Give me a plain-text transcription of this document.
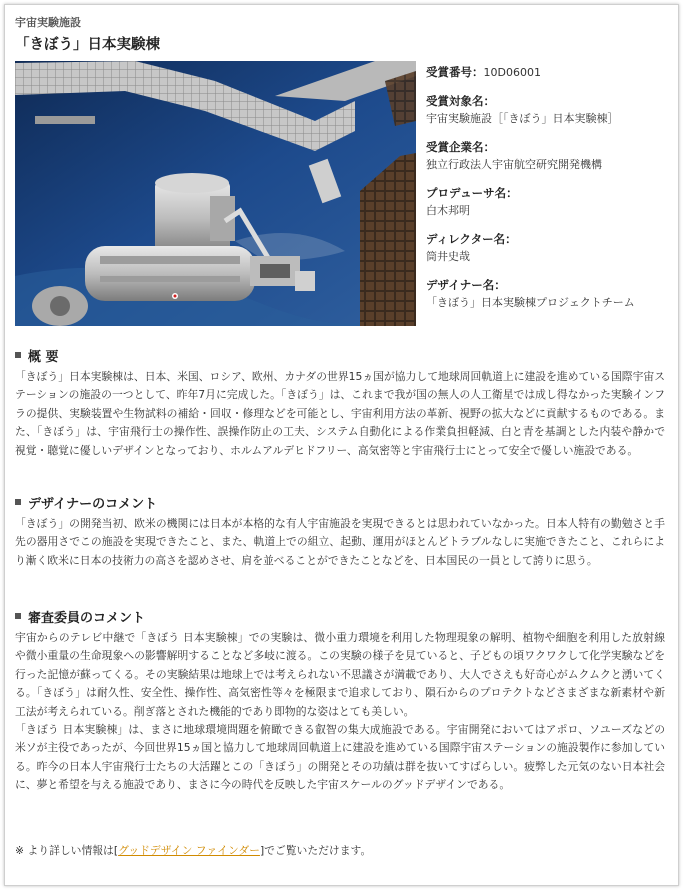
宇宙実験施設
「きぼう」日本実験棟
受賞番号：10D06001
受賞対象名：
宇宙実験施設［「きぼう」日本実験棟］
受賞企業名：
独立行政法人宇宙航空研究開発機構
プロデューサ名：
白木邦明
ディレクター名：
筒井史哉
デザイナー名：
「きぼう」日本実験棟プロジェクトチーム
概 要

「きぼう」日本実験棟は、日本、米国、ロシア、欧州、カナダの世界15ヵ国が協力して地球周回軌道上に建設を進めている国際宇宙ステーションの施設の一つとして、昨年7月に完成した。「きぼう」は、これまで我が国の無人の人工衛星では成し得なかった実験インフラの提供、実験装置や生物試料の補給・回収・修理などを可能とし、宇宙利用方法の革新、視野の拡大などに貢献するものである。また、「きぼう」は、宇宙飛行士の操作性、誤操作防止の工夫、システム自動化による作業負担軽減、白と青を基調とした内装や静かで視覚・聴覚に優しいデザインとなっており、ホルムアルデヒドフリー、高気密等と宇宙飛行士にとって安全で優しい施設である。

デザイナーのコメント

「きぼう」の開発当初、欧米の機関には日本が本格的な有人宇宙施設を実現できるとは思われていなかった。日本人特有の勤勉さと手先の器用さでこの施設を実現できたこと、また、軌道上での組立、起動、運用がほとんどトラブルなしに実施できたこと、これらにより漸く欧米に日本の技術力の高さを認めさせ、肩を並べることができたことなどを、日本国民の一員として誇りに思う。

審査委員のコメント

宇宙からのテレビ中継で「きぼう 日本実験棟」での実験は、微小重力環境を利用した物理現象の解明、植物や細胞を利用した放射線や微小重量の生命現象への影響解明することなど多岐に渡る。この実験の様子を見ていると、子どもの頃ワクワクして化学実験などを行った記憶が蘇ってくる。その実験結果は地球上では考えられない不思議さが満載であり、大人でさえも好奇心がムクムクと湧いてくる。「きぼう」は耐久性、安全性、操作性、高気密性等々を極限まで追求しており、隕石からのプロテクトなどさまざまな新素材や新工法が考えられている。削ぎ落とされた機能的であり即物的な姿はとても美しい。

「きぼう 日本実験棟」は、まさに地球環境問題を俯瞰できる叡智の集大成施設である。宇宙開発においてはアポロ、ソユーズなどの米ソが主役であったが、今回世界15ヵ国と協力して地球周回軌道上に建設を進めている国際宇宙ステーションの施設製作に参加している。昨今の日本人宇宙飛行士たちの大活躍とこの「きぼう」の開発とその功績は群を抜いてすばらしい。疲弊した元気のない日本社会に、夢と希望を与える施設であり、まさに今の時代を反映した宇宙スケールのグッドデザインである。

※ より詳しい情報は[グッドデザイン ファインダー]でご覧いただけます。
